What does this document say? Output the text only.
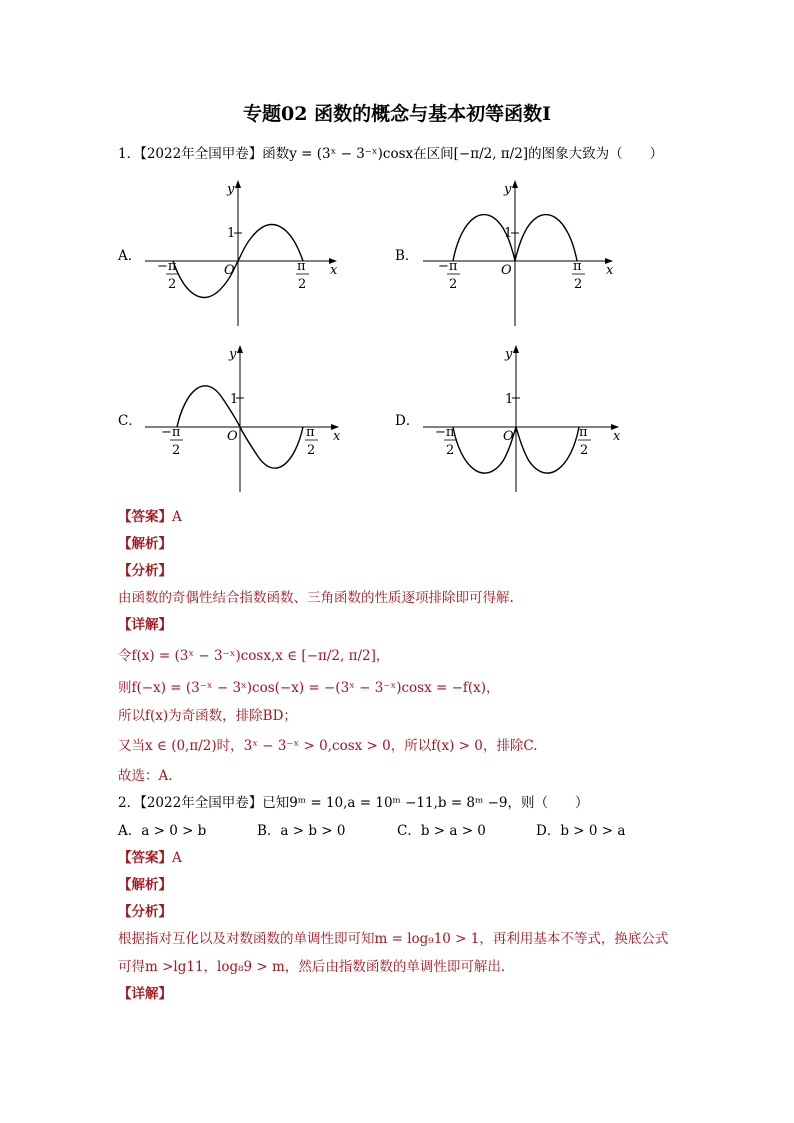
专题02 函数的概念与基本初等函数I
1．【2022年全国甲卷】函数y = (3ˣ − 3⁻ˣ)cosx在区间[−π/2, π/2]的图象大致为（　　）
A．
y
x
O
1
−π
2
π
2
B．
y
x
O
1
−π
2
π
2
C．
y
x
O
1
−π
2
π
2
D．
y
x
O
1
−π
2
π
2
【答案】A
【解析】
【分析】
由函数的奇偶性结合指数函数、三角函数的性质逐项排除即可得解.
【详解】
令f(x) = (3ˣ − 3⁻ˣ)cosx,x ∈ [−π/2, π/2]，
则f(−x) = (3⁻ˣ − 3ˣ)cos(−x) = −(3ˣ − 3⁻ˣ)cosx = −f(x)，
所以f(x)为奇函数，排除BD；
又当x ∈ (0,π/2)时，3ˣ − 3⁻ˣ > 0,cosx > 0，所以f(x) > 0，排除C.
故选：A.
2．【2022年全国甲卷】已知9ᵐ = 10,a = 10ᵐ −11,b = 8ᵐ −9，则（　　）
A．a > 0 > b	B．a > b > 0	C．b > a > 0	D．b > 0 > a
【答案】A
【解析】
【分析】
根据指对互化以及对数函数的单调性即可知m = log₉10 > 1，再利用基本不等式，换底公式
可得m >lg11，log₈9 > m，然后由指数函数的单调性即可解出.
【详解】
